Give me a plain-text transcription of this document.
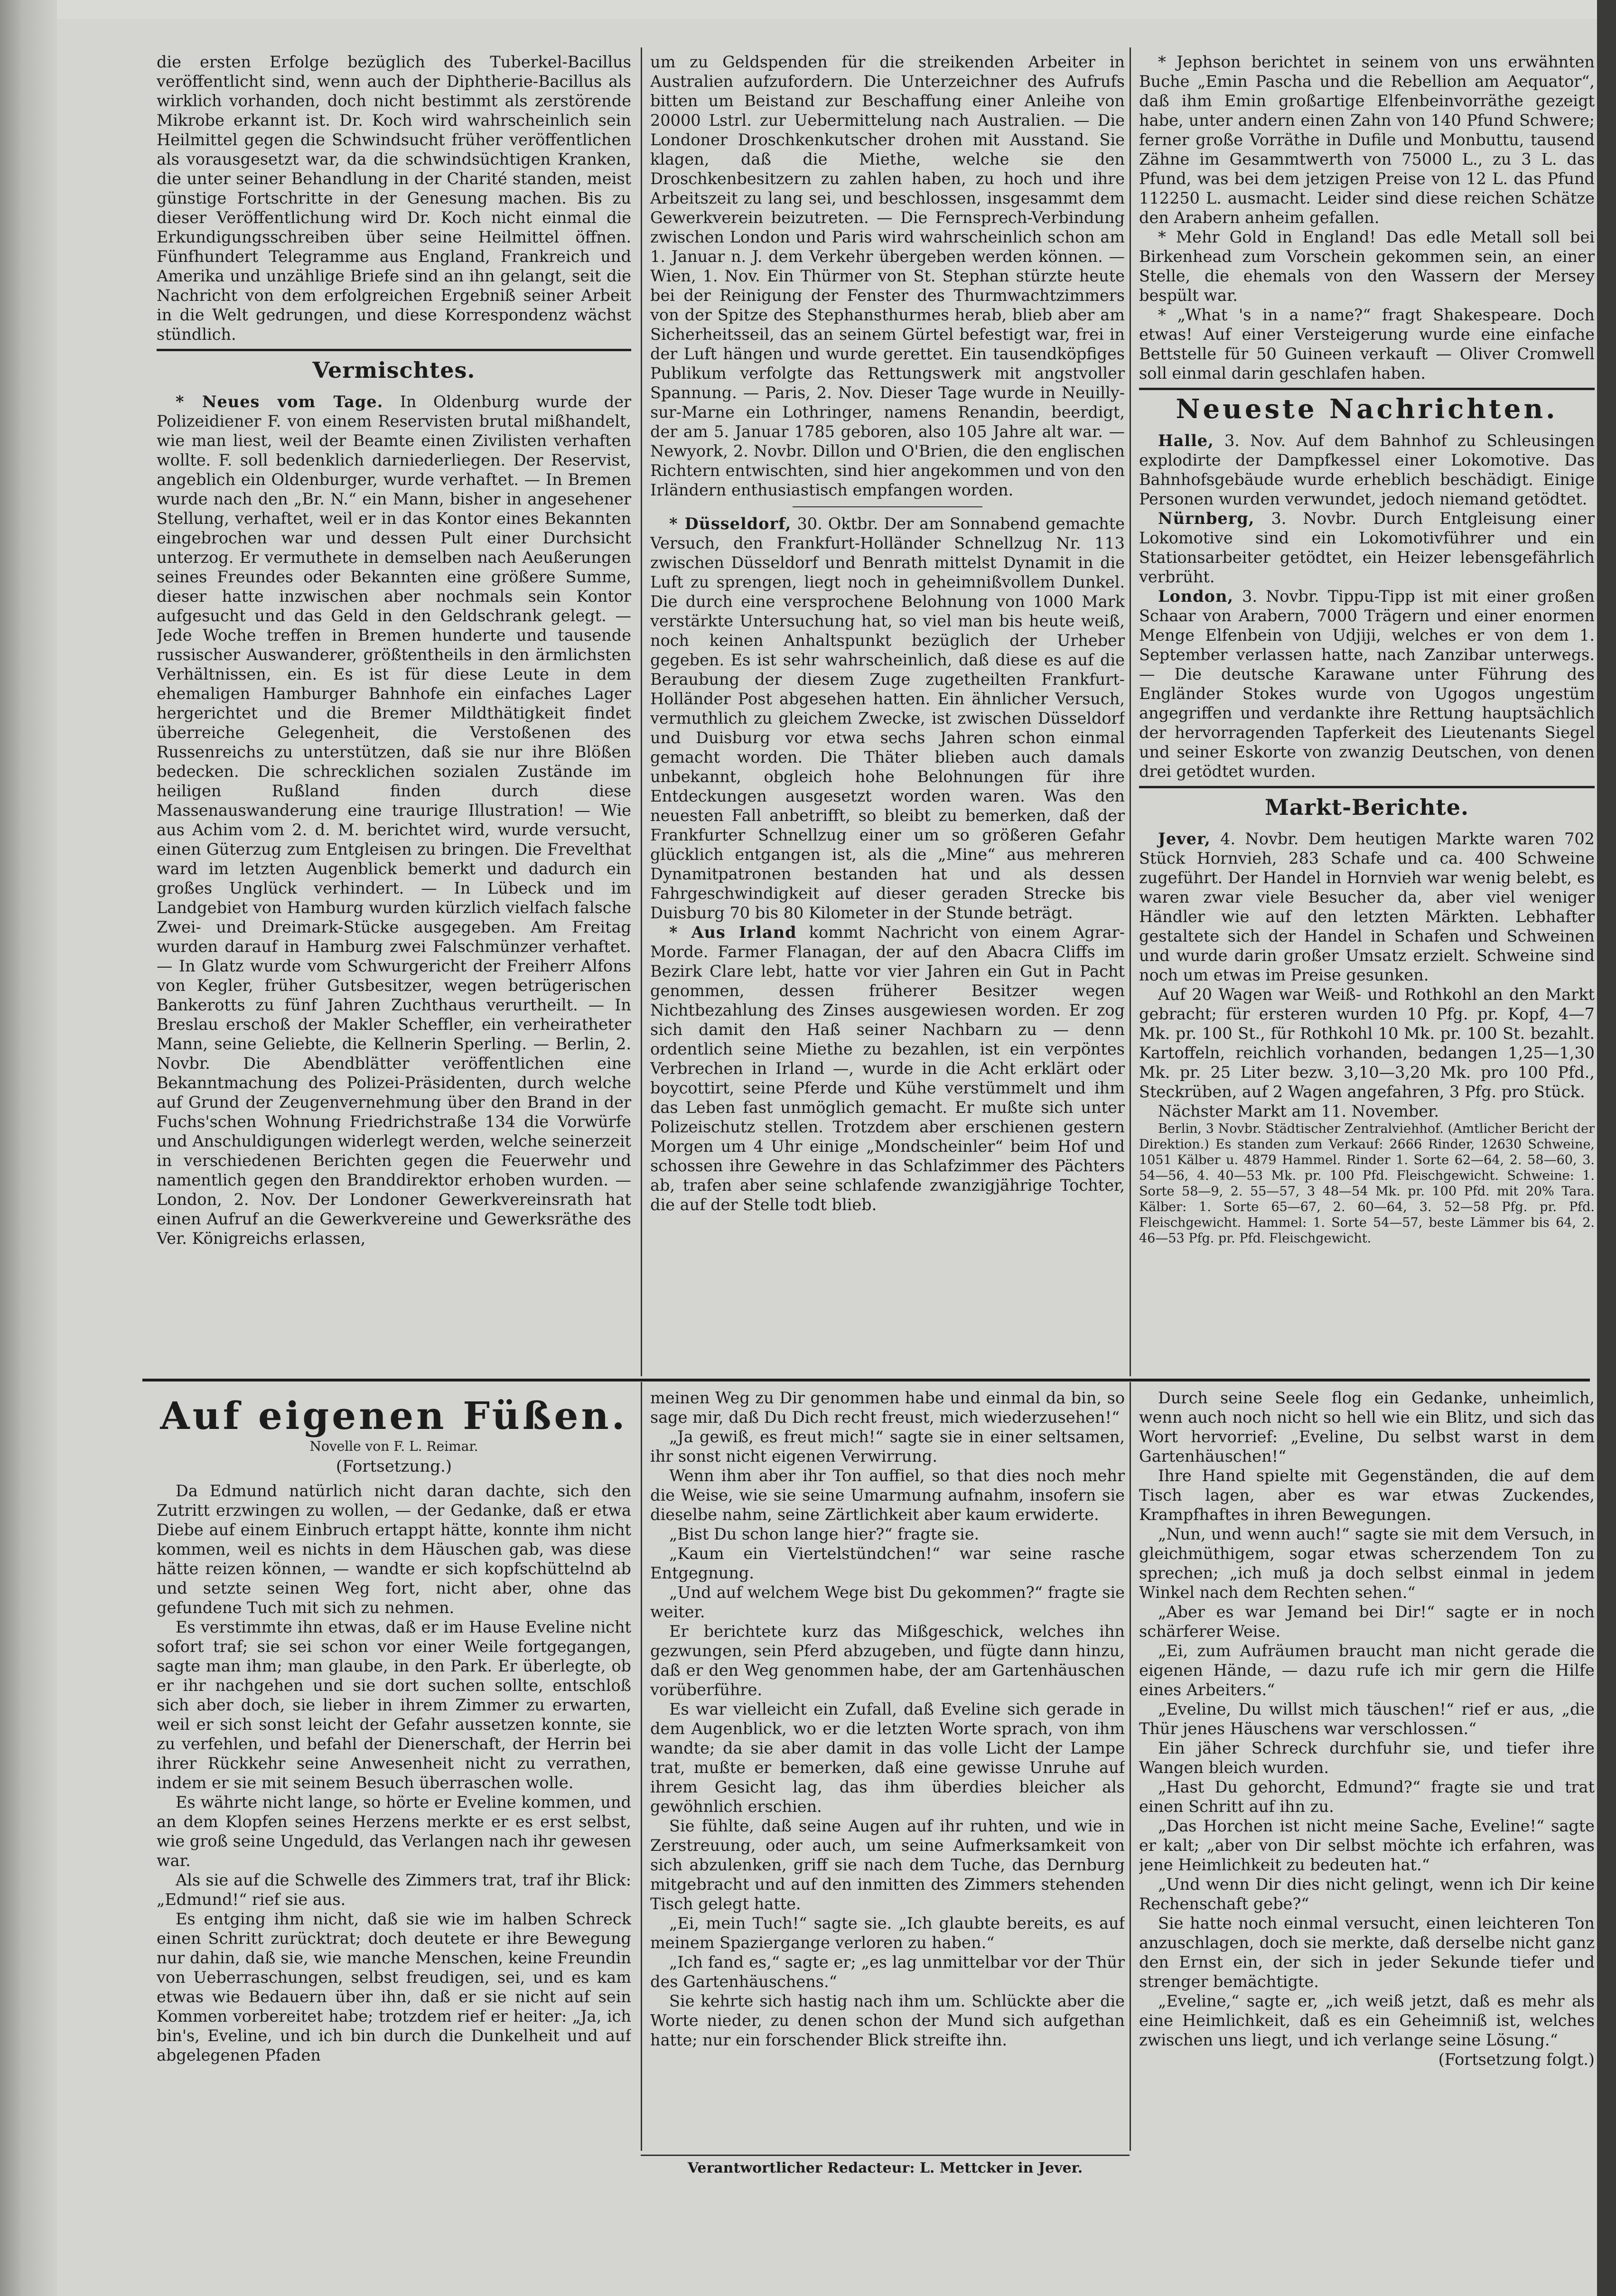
die ersten Erfolge bezüglich des Tuberkel-Bacillus veröffentlicht sind, wenn auch der Diphtherie-Bacillus als wirklich vorhanden, doch nicht bestimmt als zerstörende Mikrobe erkannt ist. Dr. Koch wird wahrscheinlich sein Heilmittel gegen die Schwindsucht früher veröffentlichen als vorausgesetzt war, da die schwindsüchtigen Kranken, die unter seiner Behandlung in der Charité standen, meist günstige Fortschritte in der Genesung machen. Bis zu dieser Veröffentlichung wird Dr. Koch nicht einmal die Erkundigungsschreiben über seine Heilmittel öffnen. Fünfhundert Telegramme aus England, Frankreich und Amerika und unzählige Briefe sind an ihn gelangt, seit die Nachricht von dem erfolgreichen Ergebniß seiner Arbeit in die Welt gedrungen, und diese Korrespondenz wächst stündlich.

Vermischtes.

* Neues vom Tage. In Oldenburg wurde der Polizeidiener F. von einem Reservisten brutal mißhandelt, wie man liest, weil der Beamte einen Zivilisten verhaften wollte. F. soll bedenklich darniederliegen. Der Reservist, angeblich ein Oldenburger, wurde verhaftet. — In Bremen wurde nach den „Br. N.“ ein Mann, bisher in angesehener Stellung, verhaftet, weil er in das Kontor eines Bekannten eingebrochen war und dessen Pult einer Durchsicht unterzog. Er vermuthete in demselben nach Aeußerungen seines Freundes oder Bekannten eine größere Summe, dieser hatte inzwischen aber nochmals sein Kontor aufgesucht und das Geld in den Geldschrank gelegt. — Jede Woche treffen in Bremen hunderte und tausende russischer Auswanderer, größtentheils in den ärmlichsten Verhältnissen, ein. Es ist für diese Leute in dem ehemaligen Hamburger Bahnhofe ein einfaches Lager hergerichtet und die Bremer Mildthätigkeit findet überreiche Gelegenheit, die Verstoßenen des Russenreichs zu unterstützen, daß sie nur ihre Blößen bedecken. Die schrecklichen sozialen Zustände im heiligen Rußland finden durch diese Massenauswanderung eine traurige Illustration! — Wie aus Achim vom 2. d. M. berichtet wird, wurde versucht, einen Güterzug zum Entgleisen zu bringen. Die Frevelthat ward im letzten Augenblick bemerkt und dadurch ein großes Unglück verhindert. — In Lübeck und im Landgebiet von Hamburg wurden kürzlich vielfach falsche Zwei- und Dreimark-Stücke ausgegeben. Am Freitag wurden darauf in Hamburg zwei Falschmünzer verhaftet. — In Glatz wurde vom Schwurgericht der Freiherr Alfons von Kegler, früher Gutsbesitzer, wegen betrügerischen Bankerotts zu fünf Jahren Zuchthaus verurtheilt. — In Breslau erschoß der Makler Scheffler, ein verheiratheter Mann, seine Geliebte, die Kellnerin Sperling. — Berlin, 2. Novbr. Die Abendblätter veröffentlichen eine Bekanntmachung des Polizei-Präsidenten, durch welche auf Grund der Zeugenvernehmung über den Brand in der Fuchs'schen Wohnung Friedrichstraße 134 die Vorwürfe und Anschuldigungen widerlegt werden, welche seinerzeit in verschiedenen Berichten gegen die Feuerwehr und namentlich gegen den Branddirektor erhoben wurden. — London, 2. Nov. Der Londoner Gewerkvereinsrath hat einen Aufruf an die Gewerkvereine und Gewerksräthe des Ver. Königreichs erlassen,

um zu Geldspenden für die streikenden Arbeiter in Australien aufzufordern. Die Unterzeichner des Aufrufs bitten um Beistand zur Beschaffung einer Anleihe von 20000 Lstrl. zur Uebermittelung nach Australien. — Die Londoner Droschkenkutscher drohen mit Ausstand. Sie klagen, daß die Miethe, welche sie den Droschkenbesitzern zu zahlen haben, zu hoch und ihre Arbeitszeit zu lang sei, und beschlossen, insgesammt dem Gewerkverein beizutreten. — Die Fernsprech-Verbindung zwischen London und Paris wird wahrscheinlich schon am 1. Januar n. J. dem Verkehr übergeben werden können. — Wien, 1. Nov. Ein Thürmer von St. Stephan stürzte heute bei der Reinigung der Fenster des Thurmwachtzimmers von der Spitze des Stephansthurmes herab, blieb aber am Sicherheitsseil, das an seinem Gürtel befestigt war, frei in der Luft hängen und wurde gerettet. Ein tausendköpfiges Publikum verfolgte das Rettungswerk mit angstvoller Spannung. — Paris, 2. Nov. Dieser Tage wurde in Neuilly-sur-Marne ein Lothringer, namens Renandin, beerdigt, der am 5. Januar 1785 geboren, also 105 Jahre alt war. — Newyork, 2. Novbr. Dillon und O'Brien, die den englischen Richtern entwischten, sind hier angekommen und von den Irländern enthusiastisch empfangen worden.

* Düsseldorf, 30. Oktbr. Der am Sonnabend gemachte Versuch, den Frankfurt-Holländer Schnellzug Nr. 113 zwischen Düsseldorf und Benrath mittelst Dynamit in die Luft zu sprengen, liegt noch in geheimnißvollem Dunkel. Die durch eine versprochene Belohnung von 1000 Mark verstärkte Untersuchung hat, so viel man bis heute weiß, noch keinen Anhaltspunkt bezüglich der Urheber gegeben. Es ist sehr wahrscheinlich, daß diese es auf die Beraubung der diesem Zuge zugetheilten Frankfurt-Holländer Post abgesehen hatten. Ein ähnlicher Versuch, vermuthlich zu gleichem Zwecke, ist zwischen Düsseldorf und Duisburg vor etwa sechs Jahren schon einmal gemacht worden. Die Thäter blieben auch damals unbekannt, obgleich hohe Belohnungen für ihre Entdeckungen ausgesetzt worden waren. Was den neuesten Fall anbetrifft, so bleibt zu bemerken, daß der Frankfurter Schnellzug einer um so größeren Gefahr glücklich entgangen ist, als die „Mine“ aus mehreren Dynamitpatronen bestanden hat und als dessen Fahrgeschwindigkeit auf dieser geraden Strecke bis Duisburg 70 bis 80 Kilometer in der Stunde beträgt.

* Aus Irland kommt Nachricht von einem Agrar-Morde. Farmer Flanagan, der auf den Abacra Cliffs im Bezirk Clare lebt, hatte vor vier Jahren ein Gut in Pacht genommen, dessen früherer Besitzer wegen Nichtbezahlung des Zinses ausgewiesen worden. Er zog sich damit den Haß seiner Nachbarn zu — denn ordentlich seine Miethe zu bezahlen, ist ein verpöntes Verbrechen in Irland —, wurde in die Acht erklärt oder boycottirt, seine Pferde und Kühe verstümmelt und ihm das Leben fast unmöglich gemacht. Er mußte sich unter Polizeischutz stellen. Trotzdem aber erschienen gestern Morgen um 4 Uhr einige „Mondscheinler“ beim Hof und schossen ihre Gewehre in das Schlafzimmer des Pächters ab, trafen aber seine schlafende zwanzigjährige Tochter, die auf der Stelle todt blieb.

* Jephson berichtet in seinem von uns erwähnten Buche „Emin Pascha und die Rebellion am Aequator“, daß ihm Emin großartige Elfenbeinvorräthe gezeigt habe, unter andern einen Zahn von 140 Pfund Schwere; ferner große Vorräthe in Dufile und Monbuttu, tausend Zähne im Gesammtwerth von 75000 L., zu 3 L. das Pfund, was bei dem jetzigen Preise von 12 L. das Pfund 112250 L. ausmacht. Leider sind diese reichen Schätze den Arabern anheim gefallen.

* Mehr Gold in England! Das edle Metall soll bei Birkenhead zum Vorschein gekommen sein, an einer Stelle, die ehemals von den Wassern der Mersey bespült war.

* „What 's in a name?“ fragt Shakespeare. Doch etwas! Auf einer Versteigerung wurde eine einfache Bettstelle für 50 Guineen verkauft — Oliver Cromwell soll einmal darin geschlafen haben.

Neueste Nachrichten.

Halle, 3. Nov. Auf dem Bahnhof zu Schleusingen explodirte der Dampfkessel einer Lokomotive. Das Bahnhofsgebäude wurde erheblich beschädigt. Einige Personen wurden verwundet, jedoch niemand getödtet.

Nürnberg, 3. Novbr. Durch Entgleisung einer Lokomotive sind ein Lokomotivführer und ein Stationsarbeiter getödtet, ein Heizer lebensgefährlich verbrüht.

London, 3. Novbr. Tippu-Tipp ist mit einer großen Schaar von Arabern, 7000 Trägern und einer enormen Menge Elfenbein von Udjiji, welches er von dem 1. September verlassen hatte, nach Zanzibar unterwegs. — Die deutsche Karawane unter Führung des Engländer Stokes wurde von Ugogos ungestüm angegriffen und verdankte ihre Rettung hauptsächlich der hervorragenden Tapferkeit des Lieutenants Siegel und seiner Eskorte von zwanzig Deutschen, von denen drei getödtet wurden.

Markt-Berichte.

Jever, 4. Novbr. Dem heutigen Markte waren 702 Stück Hornvieh, 283 Schafe und ca. 400 Schweine zugeführt. Der Handel in Hornvieh war wenig belebt, es waren zwar viele Besucher da, aber viel weniger Händler wie auf den letzten Märkten. Lebhafter gestaltete sich der Handel in Schafen und Schweinen und wurde darin großer Umsatz erzielt. Schweine sind noch um etwas im Preise gesunken.

Auf 20 Wagen war Weiß- und Rothkohl an den Markt gebracht; für ersteren wurden 10 Pfg. pr. Kopf, 4—7 Mk. pr. 100 St., für Rothkohl 10 Mk. pr. 100 St. bezahlt. Kartoffeln, reichlich vorhanden, bedangen 1,25—1,30 Mk. pr. 25 Liter bezw. 3,10—3,20 Mk. pro 100 Pfd., Steckrüben, auf 2 Wagen angefahren, 3 Pfg. pro Stück.

Nächster Markt am 11. November.

Berlin, 3 Novbr. Städtischer Zentralviehhof. (Amtlicher Bericht der Direktion.) Es standen zum Verkauf: 2666 Rinder, 12630 Schweine, 1051 Kälber u. 4879 Hammel. Rinder 1. Sorte 62—64, 2. 58—60, 3. 54—56, 4. 40—53 Mk. pr. 100 Pfd. Fleischgewicht. Schweine: 1. Sorte 58—9, 2. 55—57, 3 48—54 Mk. pr. 100 Pfd. mit 20% Tara. Kälber: 1. Sorte 65—67, 2. 60—64, 3. 52—58 Pfg. pr. Pfd. Fleischgewicht. Hammel: 1. Sorte 54—57, beste Lämmer bis 64, 2. 46—53 Pfg. pr. Pfd. Fleischgewicht.

Auf eigenen Füßen.
Novelle von F. L. Reimar.
(Fortsetzung.)

Da Edmund natürlich nicht daran dachte, sich den Zutritt erzwingen zu wollen, — der Gedanke, daß er etwa Diebe auf einem Einbruch ertappt hätte, konnte ihm nicht kommen, weil es nichts in dem Häuschen gab, was diese hätte reizen können, — wandte er sich kopfschüttelnd ab und setzte seinen Weg fort, nicht aber, ohne das gefundene Tuch mit sich zu nehmen.

Es verstimmte ihn etwas, daß er im Hause Eveline nicht sofort traf; sie sei schon vor einer Weile fortgegangen, sagte man ihm; man glaube, in den Park. Er überlegte, ob er ihr nachgehen und sie dort suchen sollte, entschloß sich aber doch, sie lieber in ihrem Zimmer zu erwarten, weil er sich sonst leicht der Gefahr aussetzen konnte, sie zu verfehlen, und befahl der Dienerschaft, der Herrin bei ihrer Rückkehr seine Anwesenheit nicht zu verrathen, indem er sie mit seinem Besuch überraschen wolle.

Es währte nicht lange, so hörte er Eveline kommen, und an dem Klopfen seines Herzens merkte er es erst selbst, wie groß seine Ungeduld, das Verlangen nach ihr gewesen war.

Als sie auf die Schwelle des Zimmers trat, traf ihr Blick: „Edmund!“ rief sie aus.

Es entging ihm nicht, daß sie wie im halben Schreck einen Schritt zurücktrat; doch deutete er ihre Bewegung nur dahin, daß sie, wie manche Menschen, keine Freundin von Ueberraschungen, selbst freudigen, sei, und es kam etwas wie Bedauern über ihn, daß er sie nicht auf sein Kommen vorbereitet habe; trotzdem rief er heiter: „Ja, ich bin's, Eveline, und ich bin durch die Dunkelheit und auf abgelegenen Pfaden

meinen Weg zu Dir genommen habe und einmal da bin, so sage mir, daß Du Dich recht freust, mich wiederzusehen!“

„Ja gewiß, es freut mich!“ sagte sie in einer seltsamen, ihr sonst nicht eigenen Verwirrung.

Wenn ihm aber ihr Ton auffiel, so that dies noch mehr die Weise, wie sie seine Umarmung aufnahm, insofern sie dieselbe nahm, seine Zärtlichkeit aber kaum erwiderte.

„Bist Du schon lange hier?“ fragte sie.

„Kaum ein Viertelstündchen!“ war seine rasche Entgegnung.

„Und auf welchem Wege bist Du gekommen?“ fragte sie weiter.

Er berichtete kurz das Mißgeschick, welches ihn gezwungen, sein Pferd abzugeben, und fügte dann hinzu, daß er den Weg genommen habe, der am Gartenhäuschen vorüberführe.

Es war vielleicht ein Zufall, daß Eveline sich gerade in dem Augenblick, wo er die letzten Worte sprach, von ihm wandte; da sie aber damit in das volle Licht der Lampe trat, mußte er bemerken, daß eine gewisse Unruhe auf ihrem Gesicht lag, das ihm überdies bleicher als gewöhnlich erschien.

Sie fühlte, daß seine Augen auf ihr ruhten, und wie in Zerstreuung, oder auch, um seine Aufmerksamkeit von sich abzulenken, griff sie nach dem Tuche, das Dernburg mitgebracht und auf den inmitten des Zimmers stehenden Tisch gelegt hatte.

„Ei, mein Tuch!“ sagte sie. „Ich glaubte bereits, es auf meinem Spaziergange verloren zu haben.“

„Ich fand es,“ sagte er; „es lag unmittelbar vor der Thür des Gartenhäuschens.“

Sie kehrte sich hastig nach ihm um. Schlückte aber die Worte nieder, zu denen schon der Mund sich aufgethan hatte; nur ein forschender Blick streifte ihn.

Durch seine Seele flog ein Gedanke, unheimlich, wenn auch noch nicht so hell wie ein Blitz, und sich das Wort hervorrief: „Eveline, Du selbst warst in dem Gartenhäuschen!“

Ihre Hand spielte mit Gegenständen, die auf dem Tisch lagen, aber es war etwas Zuckendes, Krampfhaftes in ihren Bewegungen.

„Nun, und wenn auch!“ sagte sie mit dem Versuch, in gleichmüthigem, sogar etwas scherzendem Ton zu sprechen; „ich muß ja doch selbst einmal in jedem Winkel nach dem Rechten sehen.“

„Aber es war Jemand bei Dir!“ sagte er in noch schärferer Weise.

„Ei, zum Aufräumen braucht man nicht gerade die eigenen Hände, — dazu rufe ich mir gern die Hilfe eines Arbeiters.“

„Eveline, Du willst mich täuschen!“ rief er aus, „die Thür jenes Häuschens war verschlossen.“

Ein jäher Schreck durchfuhr sie, und tiefer ihre Wangen bleich wurden.

„Hast Du gehorcht, Edmund?“ fragte sie und trat einen Schritt auf ihn zu.

„Das Horchen ist nicht meine Sache, Eveline!“ sagte er kalt; „aber von Dir selbst möchte ich erfahren, was jene Heimlichkeit zu bedeuten hat.“

„Und wenn Dir dies nicht gelingt, wenn ich Dir keine Rechenschaft gebe?“

Sie hatte noch einmal versucht, einen leichteren Ton anzuschlagen, doch sie merkte, daß derselbe nicht ganz den Ernst ein, der sich in jeder Sekunde tiefer und strenger bemächtigte.

„Eveline,“ sagte er, „ich weiß jetzt, daß es mehr als eine Heimlichkeit, daß es ein Geheimniß ist, welches zwischen uns liegt, und ich verlange seine Lösung.“

(Fortsetzung folgt.)

Verantwortlicher Redacteur: L. Mettcker in Jever.
